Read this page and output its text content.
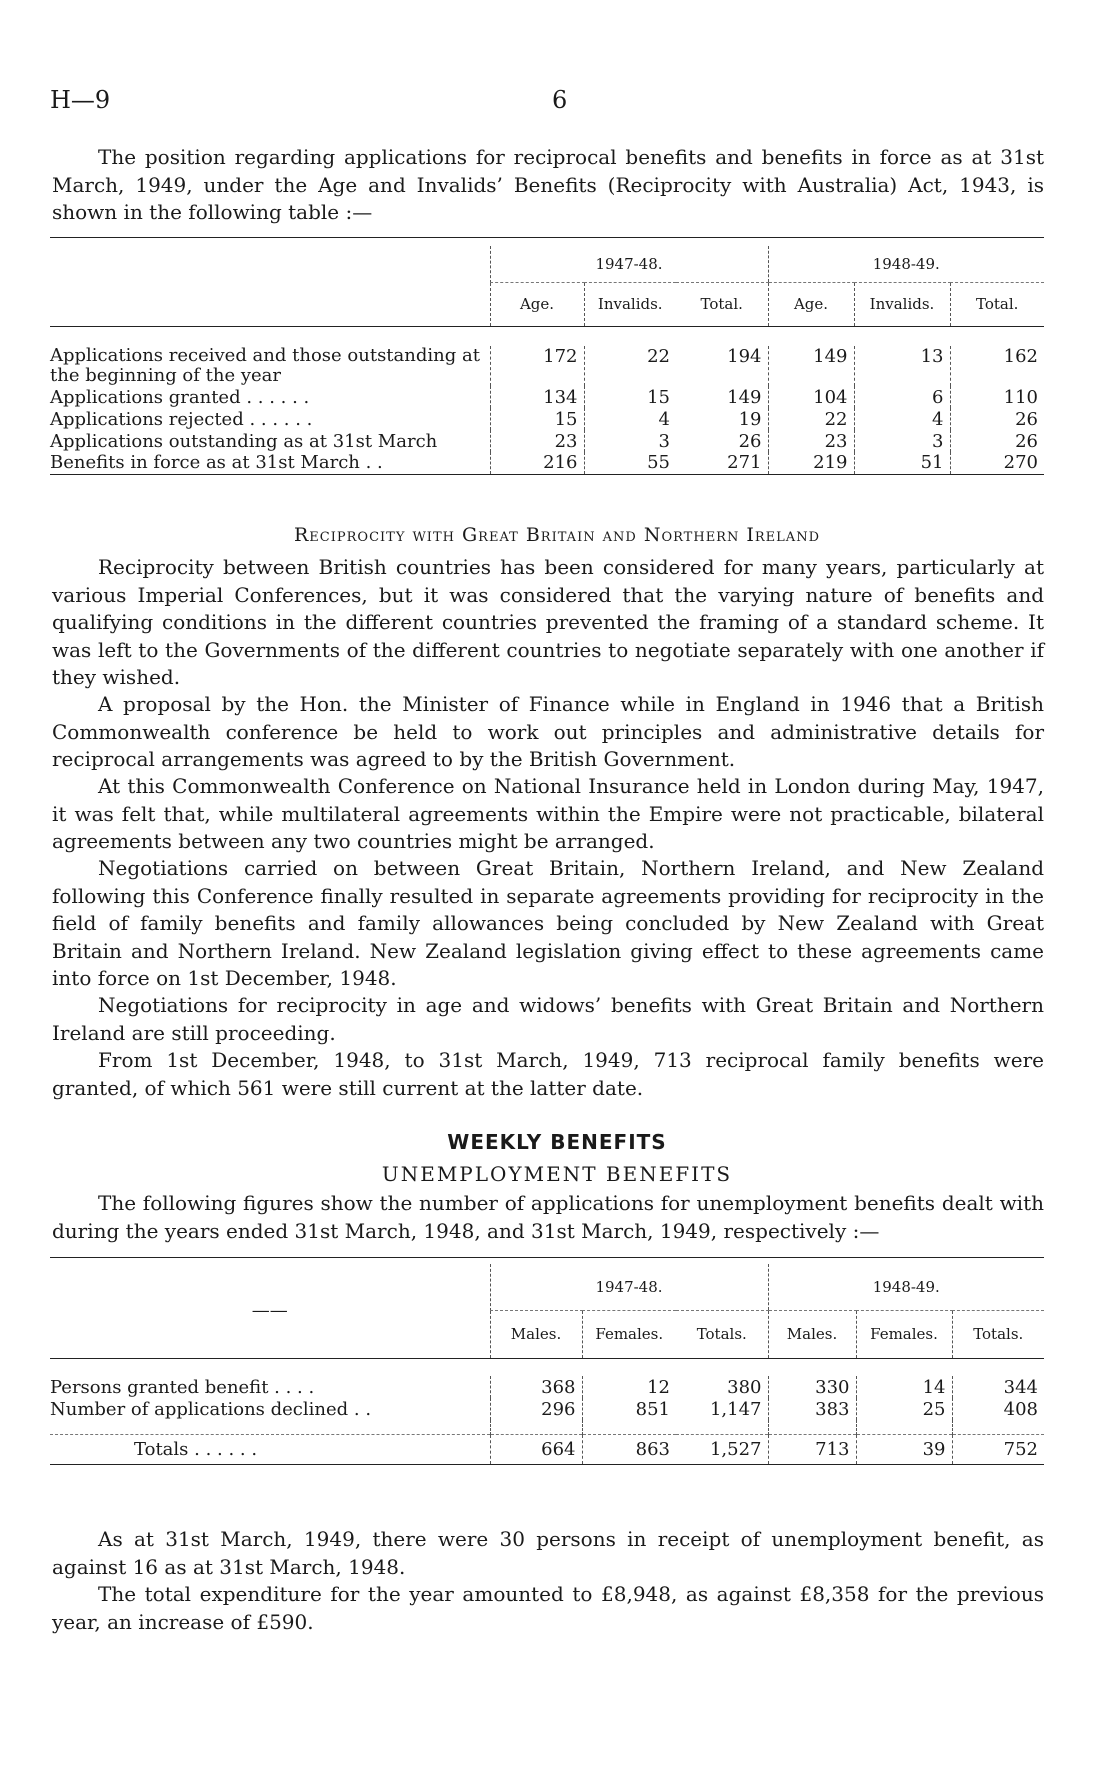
H—9	6

The position regarding applications for reciprocal benefits and benefits in force as at 31st March, 1949, under the Age and Invalids’ Benefits (Reciprocity with Australia) Act, 1943, is shown in the following table :—

	1947-48.			1948-49.		
	Age.	Invalids.	Total.	Age.	Invalids.	Total.

Applications received and those outstanding at the beginning of the year	172	22	194	149	13	162
Applications granted . . . . . .	134	15	149	104	6	110
Applications rejected . . . . . .	15	4	19	22	4	26
Applications outstanding as at 31st March	23	3	26	23	3	26
Benefits in force as at 31st March . .	216	55	271	219	51	270
Reciprocity with Great Britain and Northern Ireland

Reciprocity between British countries has been considered for many years, particularly at various Imperial Conferences, but it was considered that the varying nature of benefits and qualifying conditions in the different countries prevented the framing of a standard scheme. It was left to the Governments of the different countries to negotiate separately with one another if they wished.

A proposal by the Hon. the Minister of Finance while in England in 1946 that a British Commonwealth conference be held to work out principles and administrative details for reciprocal arrangements was agreed to by the British Government.

At this Commonwealth Conference on National Insurance held in London during May, 1947, it was felt that, while multilateral agreements within the Empire were not practicable, bilateral agreements between any two countries might be arranged.

Negotiations carried on between Great Britain, Northern Ireland, and New Zealand following this Conference finally resulted in separate agreements providing for reciprocity in the field of family benefits and family allowances being concluded by New Zealand with Great Britain and Northern Ireland. New Zealand legislation giving effect to these agreements came into force on 1st December, 1948.

Negotiations for reciprocity in age and widows’ benefits with Great Britain and Northern Ireland are still proceeding.

From 1st December, 1948, to 31st March, 1949, 713 reciprocal family benefits were granted, of which 561 were still current at the latter date.

WEEKLY BENEFITS
UNEMPLOYMENT BENEFITS

The following figures show the number of applications for unemployment benefits dealt with during the years ended 31st March, 1948, and 31st March, 1949, respectively :—

——	1947-48.			1948-49.		
	Males.	Females.	Totals.	Males.	Females.	Totals.

Persons granted benefit . . . .	368	12	380	330	14	344
Number of applications declined . .	296	851	1,147	383	25	408

Totals . . . . . .	664	863	1,527	713	39	752

As at 31st March, 1949, there were 30 persons in receipt of unemployment benefit, as against 16 as at 31st March, 1948.

The total expenditure for the year amounted to £8,948, as against £8,358 for the previous year, an increase of £590.
